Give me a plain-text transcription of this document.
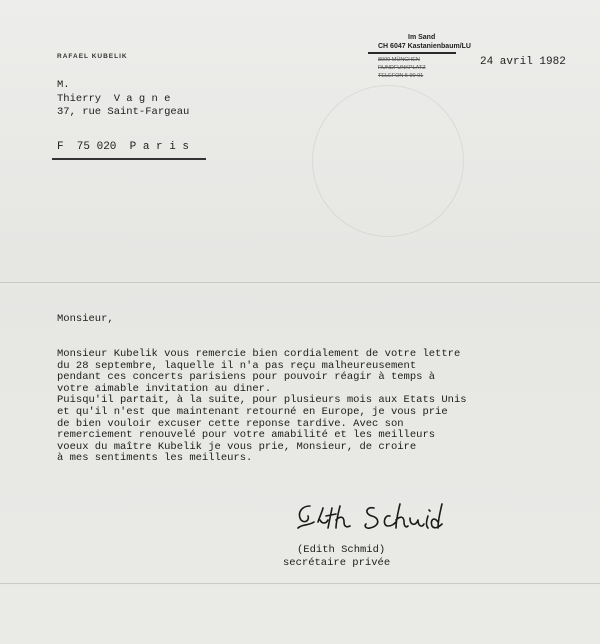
RAFAEL KUBELIK
Im Sand
CH 6047 Kastanienbaum/LU
8000 MÜNCHEN
RUNDFUNKPLATZ
TELEFON 5 90 01
24 avril 1982
M.
Thierry  V a g n e
37, rue Saint-Fargeau
F  75 020  P a r i s
Monsieur,
Monsieur Kubelik vous remercie bien cordialement de votre lettre
du 28 septembre, laquelle il n'a pas reçu malheureusement
pendant ces concerts parisiens pour pouvoir réagir à temps à
votre aimable invitation au diner.
Puisqu'il partait, à la suite, pour plusieurs mois aux Etats Unis
et qu'il n'est que maintenant retourné en Europe, je vous prie
de bien vouloir excuser cette reponse tardive. Avec son
remerciement renouvelé pour votre amabilité et les meilleurs
voeux du maître Kubelik je vous prie, Monsieur, de croire
à mes sentiments les meilleurs.
(Edith Schmid)
secrétaire privée
